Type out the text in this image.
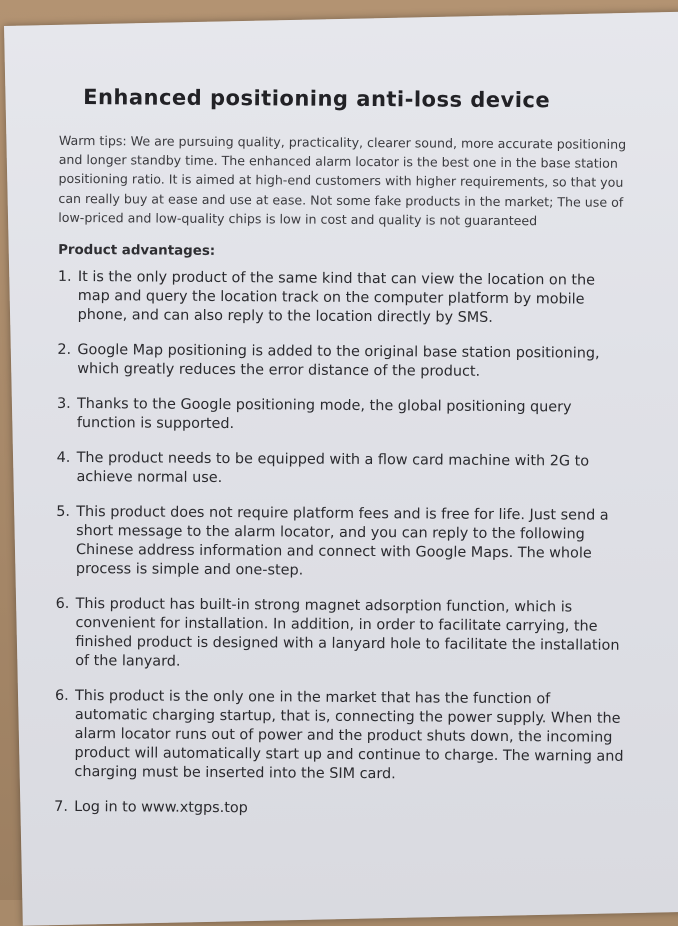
Enhanced positioning anti-loss device

Warm tips: We are pursuing quality, practicality, clearer sound, more accurate positioning and longer standby time. The enhanced alarm locator is the best one in the base station positioning ratio. It is aimed at high-end customers with higher requirements, so that you can really buy at ease and use at ease. Not some fake products in the market; The use of low-priced and low-quality chips is low in cost and quality is not guaranteed

Product advantages:
1. It is the only product of the same kind that can view the location on the map and query the location track on the computer platform by mobile phone, and can also reply to the location directly by SMS.
2. Google Map positioning is added to the original base station positioning, which greatly reduces the error distance of the product.
3. Thanks to the Google positioning mode, the global positioning query function is supported.
4. The product needs to be equipped with a flow card machine with 2G to achieve normal use.
5. This product does not require platform fees and is free for life. Just send a short message to the alarm locator, and you can reply to the following Chinese address information and connect with Google Maps. The whole process is simple and one-step.
6. This product has built-in strong magnet adsorption function, which is convenient for installation. In addition, in order to facilitate carrying, the finished product is designed with a lanyard hole to facilitate the installation of the lanyard.
6. This product is the only one in the market that has the function of automatic charging startup, that is, connecting the power supply. When the alarm locator runs out of power and the product shuts down, the incoming product will automatically start up and continue to charge. The warning and charging must be inserted into the SIM card.
7. Log in to www.xtgps.top
